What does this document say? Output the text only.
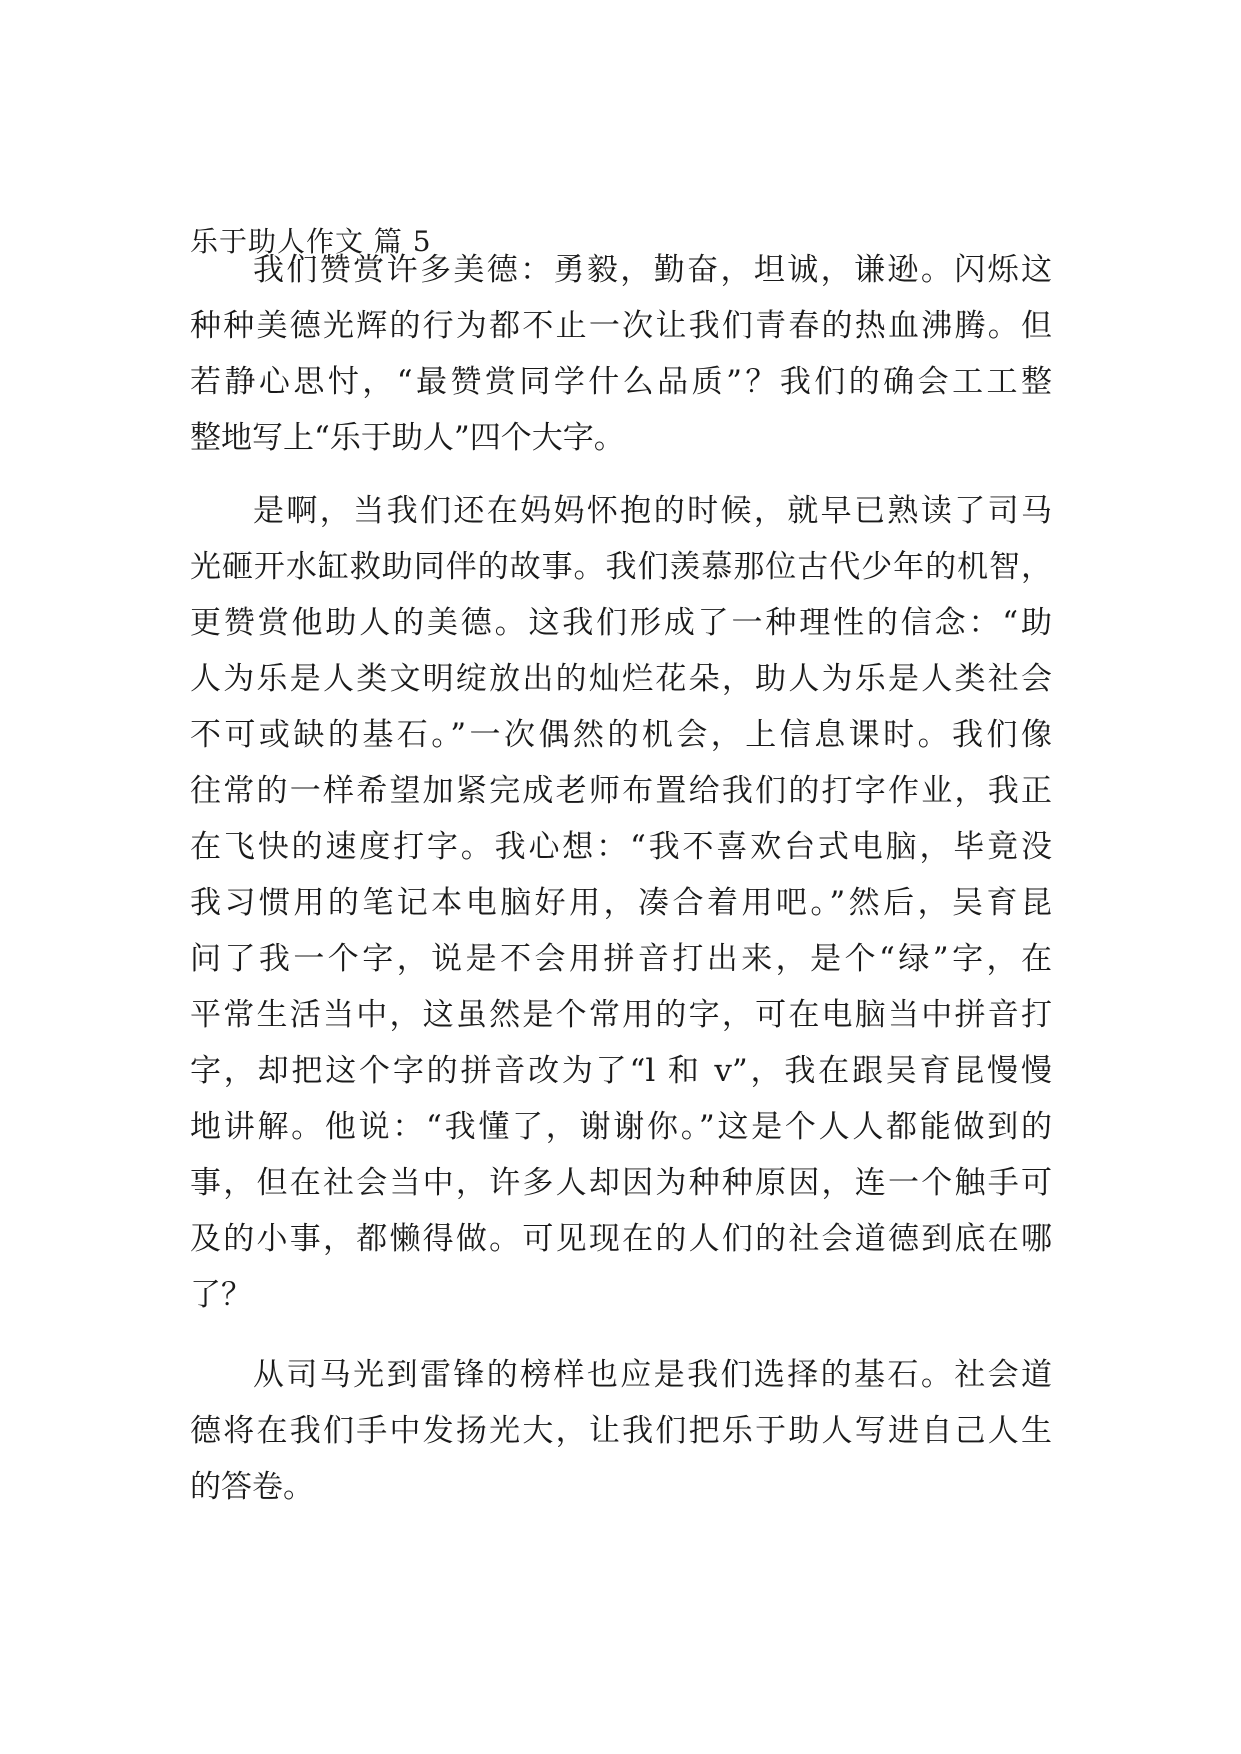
乐于助人作文 篇 5
我们赞赏许多美德：勇毅，勤奋，坦诚，谦逊。闪烁这
种种美德光辉的行为都不止一次让我们青春的热血沸腾。但
若静心思忖，“最赞赏同学什么品质”？我们的确会工工整
整地写上“乐于助人”四个大字。
是啊，当我们还在妈妈怀抱的时候，就早已熟读了司马
光砸开水缸救助同伴的故事。我们羡慕那位古代少年的机智，
更赞赏他助人的美德。这我们形成了一种理性的信念：“助
人为乐是人类文明绽放出的灿烂花朵，助人为乐是人类社会
不可或缺的基石。”一次偶然的机会，上信息课时。我们像
往常的一样希望加紧完成老师布置给我们的打字作业，我正
在飞快的速度打字。我心想：“我不喜欢台式电脑，毕竟没
我习惯用的笔记本电脑好用，凑合着用吧。”然后，吴育昆
问了我一个字，说是不会用拼音打出来，是个“绿”字，在
平常生活当中，这虽然是个常用的字，可在电脑当中拼音打
字，却把这个字的拼音改为了“l 和 v”，我在跟吴育昆慢慢
地讲解。他说：“我懂了，谢谢你。”这是个人人都能做到的
事，但在社会当中，许多人却因为种种原因，连一个触手可
及的小事，都懒得做。可见现在的人们的社会道德到底在哪
了？
从司马光到雷锋的榜样也应是我们选择的基石。社会道
德将在我们手中发扬光大，让我们把乐于助人写进自己人生
的答卷。
